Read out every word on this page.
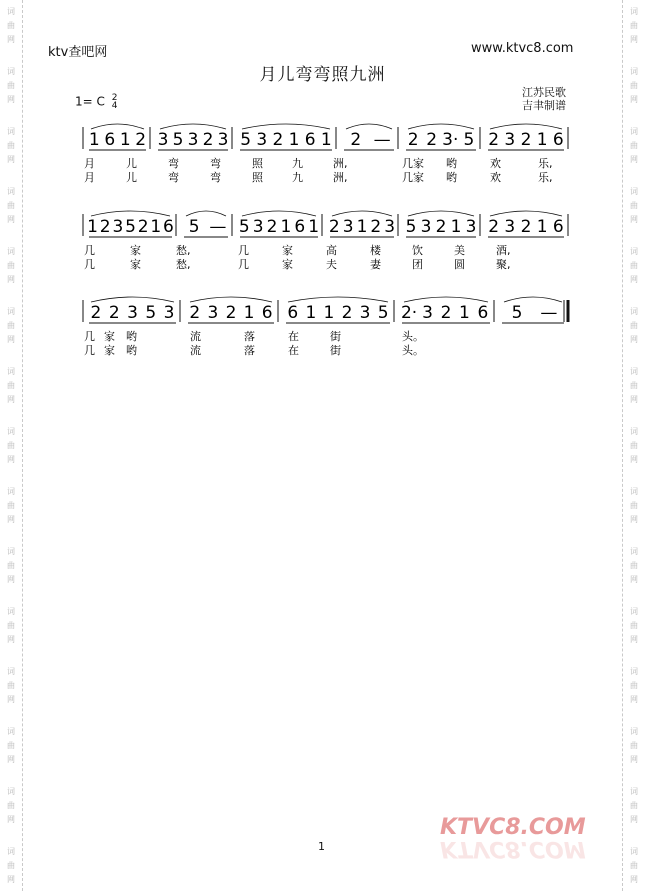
词
曲
网
词
曲
网
词
曲
网
词
曲
网
词
曲
网
词
曲
网
词
曲
网
词
曲
网
词
曲
网
词
曲
网
词
曲
网
词
曲
网
词
曲
网
词
曲
网
词
曲
网
词
曲
网
词
曲
网
词
曲
网
词
曲
网
词
曲
网
词
曲
网
词
曲
网
词
曲
网
词
曲
网
词
曲
网
词
曲
网
词
曲
网
词
曲
网
词
曲
网
词
曲
网
ktv查吧网	www.ktvc8.com
月儿弯弯照九洲
1= C 2
4
江苏民歌
吉聿制谱
1 6 1 2 3 5 3 2 3 5 3 2 1 6 1 2 — 2 2 3· 5 2 3 2 1 6
月	儿	弯	弯	照	九	洲,	几家 哟	欢	乐,
月	儿	弯	弯	照	九	洲,	几家 哟	欢	乐,
1 2 3 5 2 1 6 5 — 5 3 2 1 6 1 2 3 1 2 3 5 3 2 1 3 2 3 2 1 6
几	家	愁,	几	家	高	楼	饮	美	酒,
几	家	愁,	几	家	夫	妻	团	圆	聚,
2 2 3 5 3 2 3 2 1 6 6 1 1 2 3 5 2· 3 2 1 6 5 —
几 家 哟	流	落	在	街	头。
几 家 哟	流	落	在	街	头。
1
KTVC8.COM
KTVC8.COM
